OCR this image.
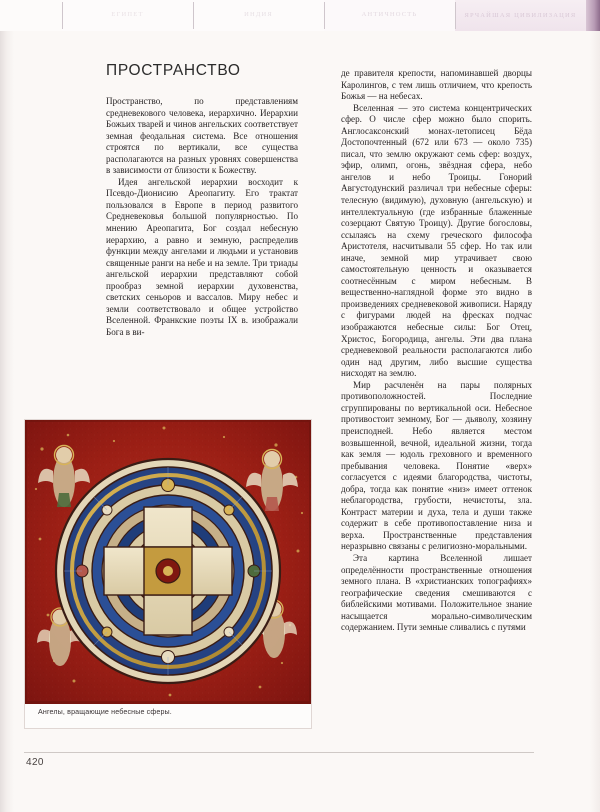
ЕГИПЕТ	ИНДИЯ	АНТИЧНОСТЬ	ЯРЧАЙШАЯ ЦИВИЛИЗАЦИЯ
ПРОСТРАНСТВО

Пространство, по представлениям средневекового человека, иерархично. Иерархии Божьих тварей и чинов ангельских соответствует земная феодальная система. Все отношения строятся по вертикали, все существа располагаются на разных уровнях совершенства в зависимости от близости к Божеству.

Идея ангельской иерархии восходит к Псевдо-Дионисию Ареопагиту. Его трактат пользовался в Европе в период развитого Средневековья большой популярностью. По мнению Ареопагита, Бог создал небесную иерархию, а равно и земную, распределив функции между ангелами и людьми и установив священные ранги на небе и на земле. Три триады ангельской иерархии представляют собой прообраз земной иерархии духовенства, светских сеньоров и вассалов. Миру небес и земли соответствовало и общее устройство Вселенной. Франкские поэты IX в. изображали Бога в ви-

де правителя крепости, напоминавшей дворцы Каролингов, с тем лишь отличием, что крепость Божья — на небесах.

Вселенная — это система концентрических сфер. О числе сфер можно было спорить. Англосаксонский монах-летописец Бёда Достопочтенный (672 или 673 — около 735) писал, что землю окружают семь сфер: воздух, эфир, олимп, огонь, звёздная сфера, небо ангелов и небо Троицы. Гонорий Августодунский различал три небесные сферы: телесную (видимую), духовную (ангельскую) и интеллектуальную (где избранные блаженные созерцают Святую Троицу). Другие богословы, ссылаясь на схему греческого философа Аристотеля, насчитывали 55 сфер. Но так или иначе, земной мир утрачивает свою самостоятельную ценность и оказывается соотнесённым с миром небесным. В вещественно-наглядной форме это видно в произведениях средневековой живописи. Наряду с фигурами людей на фресках подчас изображаются небесные силы: Бог Отец, Христос, Богородица, ангелы. Эти два плана средневековой реальности располагаются либо один над другим, либо высшие существа нисходят на землю.

Мир расчленён на пары полярных противоположностей. Последние сгруппированы по вертикальной оси. Небесное противостоит земному, Бог — дьяволу, хозяину преисподней. Небо является местом возвышенной, вечной, идеальной жизни, тогда как земля — юдоль греховного и временного пребывания человека. Понятие «верх» согласуется с идеями благородства, чистоты, добра, тогда как понятие «низ» имеет оттенок неблагородства, грубости, нечистоты, зла. Контраст материи и духа, тела и души также содержит в себе противопоставление низа и верха. Пространственные представления неразрывно связаны с религиозно-моральными.

Эта картина Вселенной лишает определённости пространственные отношения земного плана. В «христианских топографиях» географические сведения смешиваются с библейскими мотивами. Положительное знание насыщается морально-символическим содержанием. Пути земные сливались с путями

Ангелы, вращающие небесные сферы.
420
